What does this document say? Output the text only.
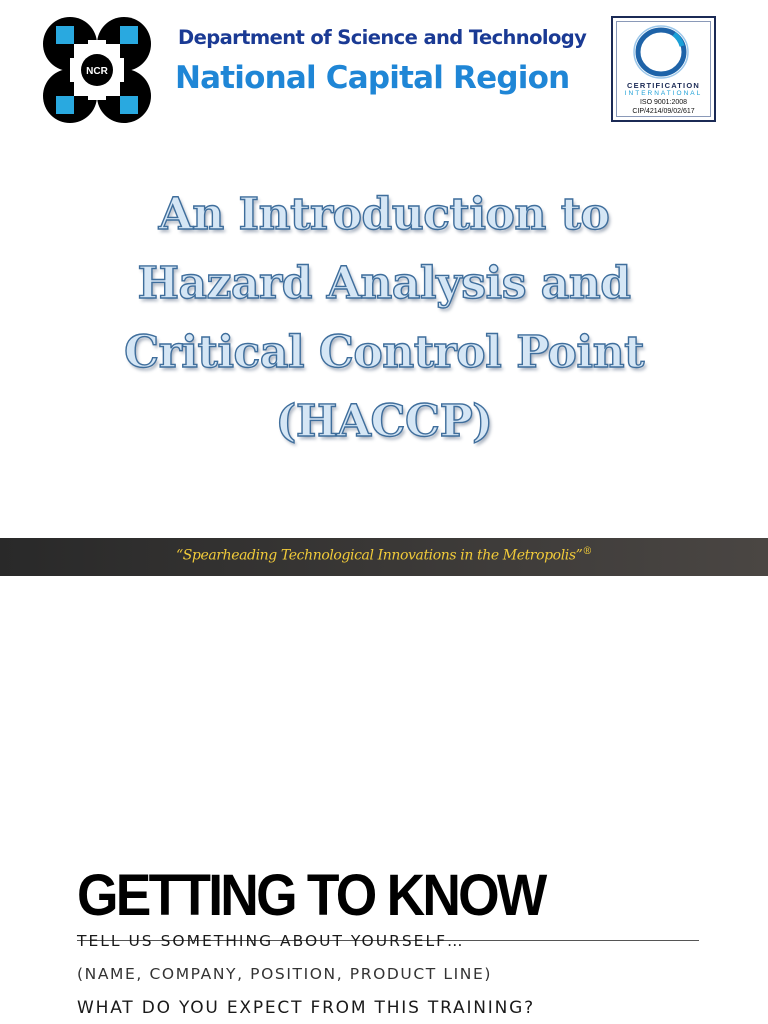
NCR
Department of Science and Technology
National Capital Region	CERTIFICATION
INTERNATIONAL
ISO 9001:2008
CIP/4214/09/02/617
An Introduction to
Hazard Analysis and
Critical Control Point
(HACCP)
“Spearheading Technological Innovations in the Metropolis”®
GETTING TO KNOW
TELL US SOMETHING ABOUT YOURSELF…
(NAME, COMPANY, POSITION, PRODUCT LINE)
WHAT DO YOU EXPECT FROM THIS TRAINING?
